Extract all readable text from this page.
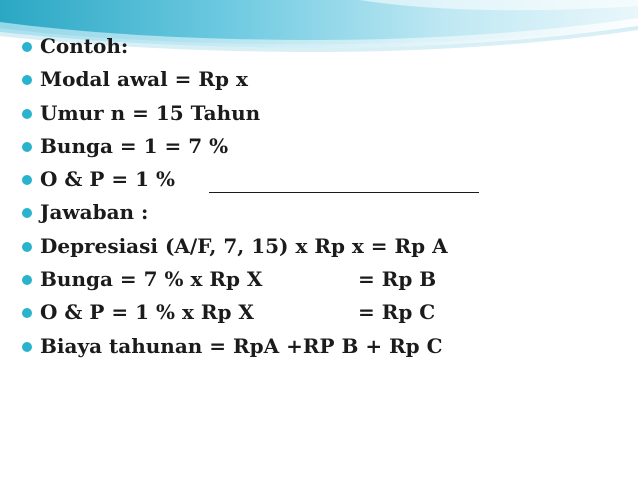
Contoh:
Modal awal = Rp x
Umur n = 15 Tahun
Bunga = 1 = 7 %
O & P = 1 %
Jawaban :
Depresiasi (A/F, 7, 15) x Rp x = Rp A
Bunga = 7 % x Rp X	= Rp B
O & P = 1 % x Rp X	= Rp C
Biaya tahunan = RpA +RP B + Rp C
